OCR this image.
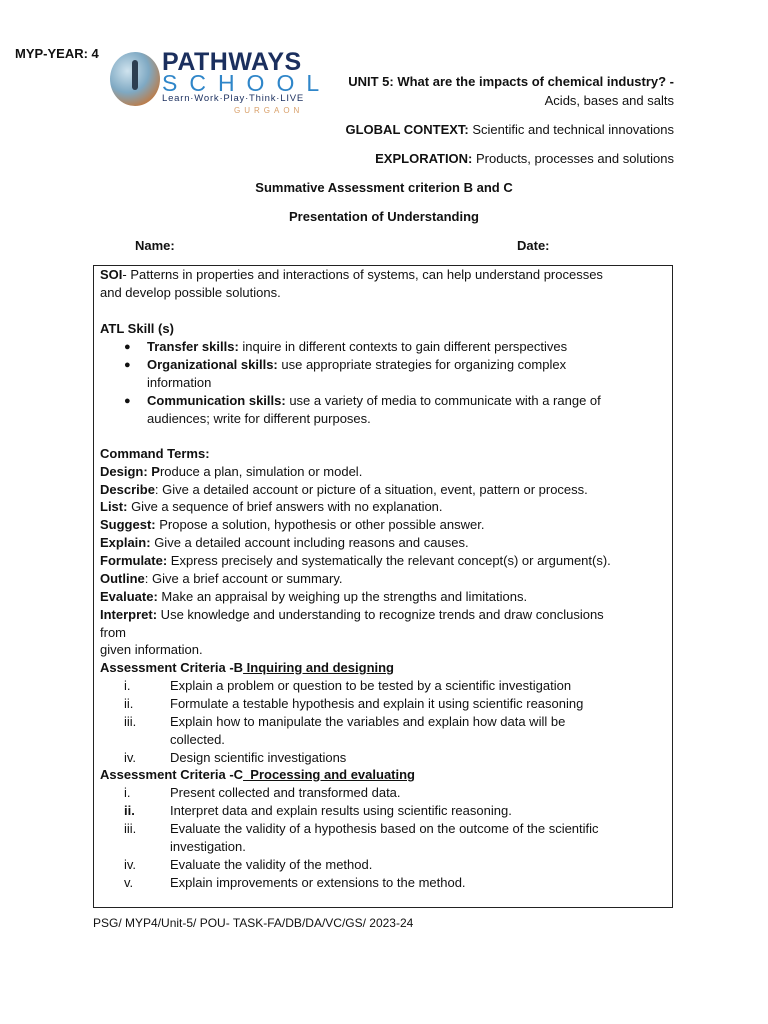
MYP-YEAR: 4	PATHWAYS
SCHOOL
Learn·Work·Play·Think·LIVE
GURGAON
UNIT 5: What are the impacts of chemical industry? -
Acids, bases and salts
GLOBAL CONTEXT: Scientific and technical innovations
EXPLORATION: Products, processes and solutions
Summative Assessment criterion B and C
Presentation of Understanding
Name:	Date:
SOI- Patterns in properties and interactions of systems, can help understand processes
and develop possible solutions.
ATL Skill (s)
● Transfer skills: inquire in different contexts to gain different perspectives
● Organizational skills: use appropriate strategies for organizing complex
information
● Communication skills: use a variety of media to communicate with a range of
audiences; write for different purposes.
Command Terms:
Design: Produce a plan, simulation or model.
Describe: Give a detailed account or picture of a situation, event, pattern or process.
List: Give a sequence of brief answers with no explanation.
Suggest: Propose a solution, hypothesis or other possible answer.
Explain: Give a detailed account including reasons and causes.
Formulate: Express precisely and systematically the relevant concept(s) or argument(s).
Outline: Give a brief account or summary.
Evaluate: Make an appraisal by weighing up the strengths and limitations.
Interpret: Use knowledge and understanding to recognize trends and draw conclusions
from
given information.
Assessment Criteria -B Inquiring and designing
i.	Explain a problem or question to be tested by a scientific investigation
ii.	Formulate a testable hypothesis and explain it using scientific reasoning
iii.	Explain how to manipulate the variables and explain how data will be
collected.
iv.	Design scientific investigations
Assessment Criteria -C  Processing and evaluating
i.	Present collected and transformed data.
ii.	Interpret data and explain results using scientific reasoning.
iii.	Evaluate the validity of a hypothesis based on the outcome of the scientific
investigation.
iv.	Evaluate the validity of the method.
v.	Explain improvements or extensions to the method.
PSG/ MYP4/Unit-5/ POU- TASK-FA/DB/DA/VC/GS/ 2023-24
